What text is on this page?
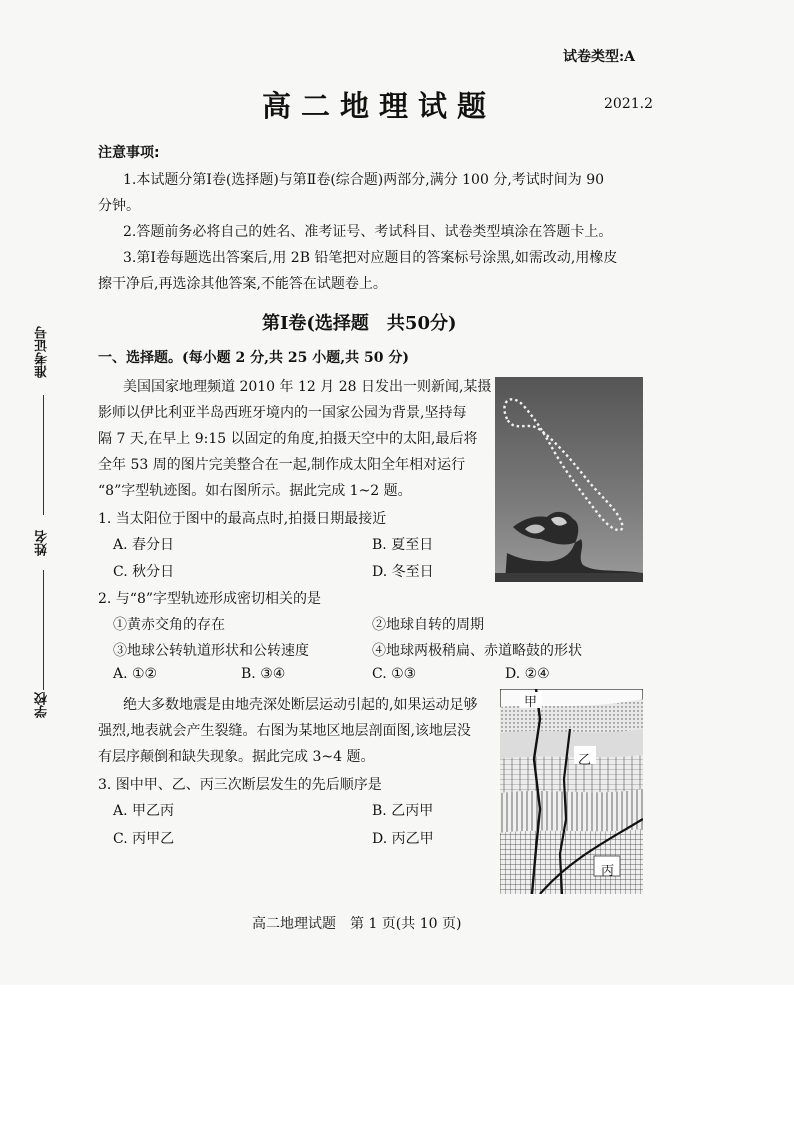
试卷类型:A
高二地理试题	2021.2
注意事项:
1.本试题分第Ⅰ卷(选择题)与第Ⅱ卷(综合题)两部分,满分 100 分,考试时间为 90
分钟。
2.答题前务必将自己的姓名、准考证号、考试科目、试卷类型填涂在答题卡上。
3.第Ⅰ卷每题选出答案后,用 2B 铅笔把对应题目的答案标号涂黑,如需改动,用橡皮
擦干净后,再选涂其他答案,不能答在试题卷上。
第Ⅰ卷(选择题　共50分)
一、选择题。(每小题 2 分,共 25 小题,共 50 分)
准考证号
姓名
学校
美国国家地理频道 2010 年 12 月 28 日发出一则新闻,某摄
影师以伊比利亚半岛西班牙境内的一国家公园为背景,坚持每
隔 7 天,在早上 9:15 以固定的角度,拍摄天空中的太阳,最后将
全年 53 周的图片完美整合在一起,制作成太阳全年相对运行
“8”字型轨迹图。如右图所示。据此完成 1~2 题。
1. 当太阳位于图中的最高点时,拍摄日期最接近
A. 春分日	B. 夏至日
C. 秋分日	D. 冬至日
2. 与“8”字型轨迹形成密切相关的是
①黄赤交角的存在	②地球自转的周期
③地球公转轨道形状和公转速度	④地球两极稍扁、赤道略鼓的形状
A. ①②	B. ③④	C. ①③	D. ②④
绝大多数地震是由地壳深处断层运动引起的,如果运动足够
强烈,地表就会产生裂缝。右图为某地区地层剖面图,该地层没
有层序颠倒和缺失现象。据此完成 3~4 题。
甲
乙
丙
3. 图中甲、乙、丙三次断层发生的先后顺序是
A. 甲乙丙	B. 乙丙甲
C. 丙甲乙	D. 丙乙甲
高二地理试题　第 1 页(共 10 页)
